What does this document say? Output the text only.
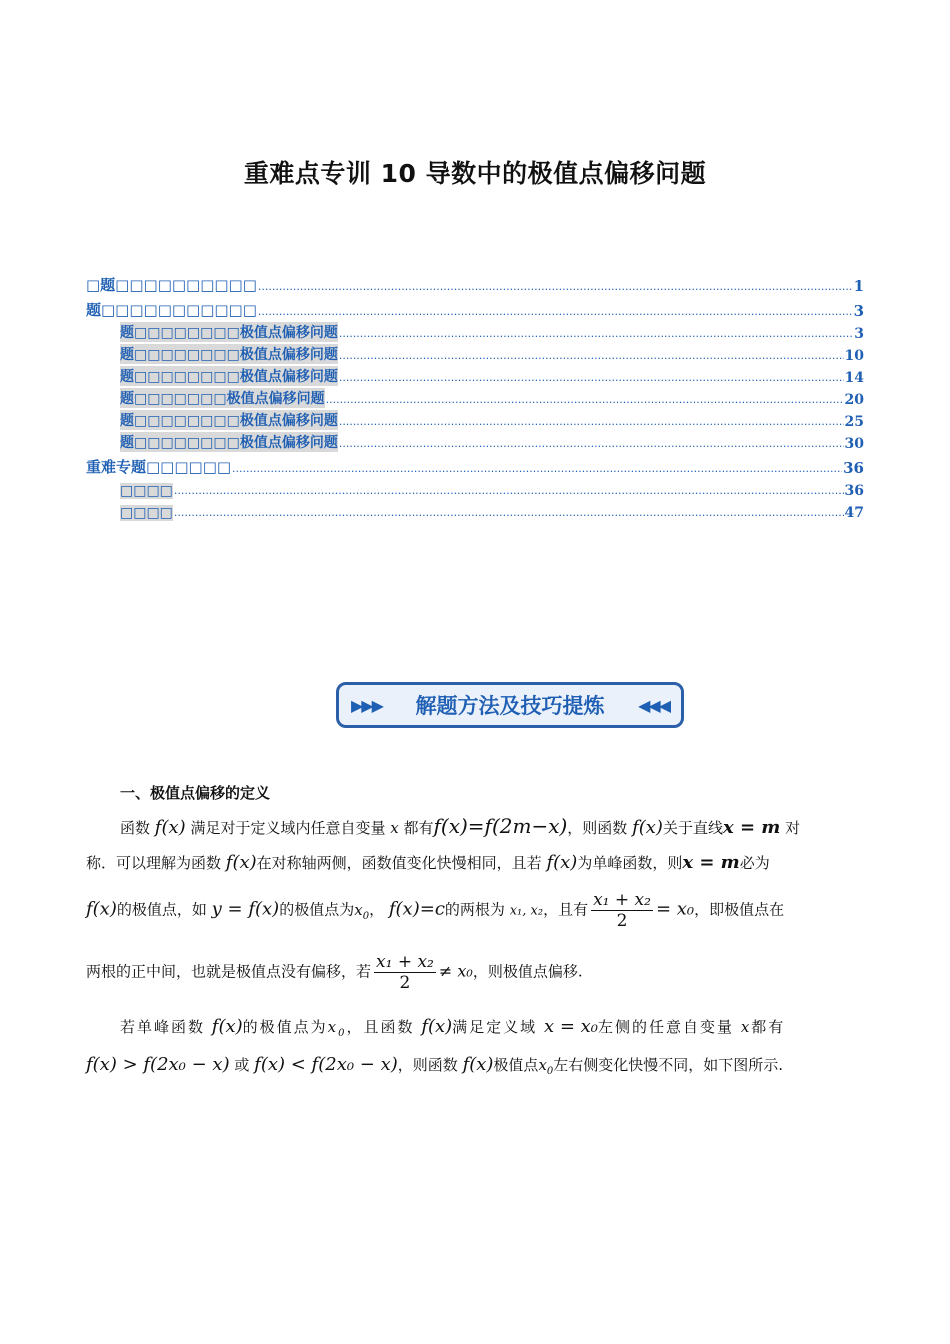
重难点专训 10 导数中的极值点偏移问题
□题□□□□□□□□□□ .....	1
题□□□□□□□□□□□ .....	3
题□□□□□□□□极值点偏移问题 .....	3
题□□□□□□□□极值点偏移问题 .....	10
题□□□□□□□□极值点偏移问题 .....	14
题□□□□□□□极值点偏移问题 .....	20
题□□□□□□□□极值点偏移问题 .....	25
题□□□□□□□□极值点偏移问题 .....	30
重难专题□□□□□□ .....	36
□□□□ .....	36
□□□□ .....	47
▶▶▶ 解题方法及技巧提炼 ◀◀◀
一、极值点偏移的定义
函数 f(x) 满足对于定义域内任意自变量 x 都有f(x)=f(2m−x)，则函数 f(x)关于直线x = m 对
称．可以理解为函数 f(x)在对称轴两侧，函数值变化快慢相同，且若 f(x)为单峰函数，则x = m必为
f(x)的极值点，如 y = f(x)的极值点为$x_0$， f(x)=c的两根为 x₁, x₂，且有 $\frac{\text{x₁ + x₂}}{2} = x_0$，即极值点在
两根的正中间，也就是极值点没有偏移，若 $\frac{\text{x₁ + x₂}}{2} \ne x_0$，则极值点偏移.
若单峰函数 f(x)的极值点为$x_0$，且函数 f(x)满足定义域 x = x₀左侧的任意自变量 x都有
f(x) > f(2x₀ − x) 或 f(x) < f(2x₀ − x)，则函数 f(x)极值点$x_0$左右侧变化快慢不同，如下图所示.
